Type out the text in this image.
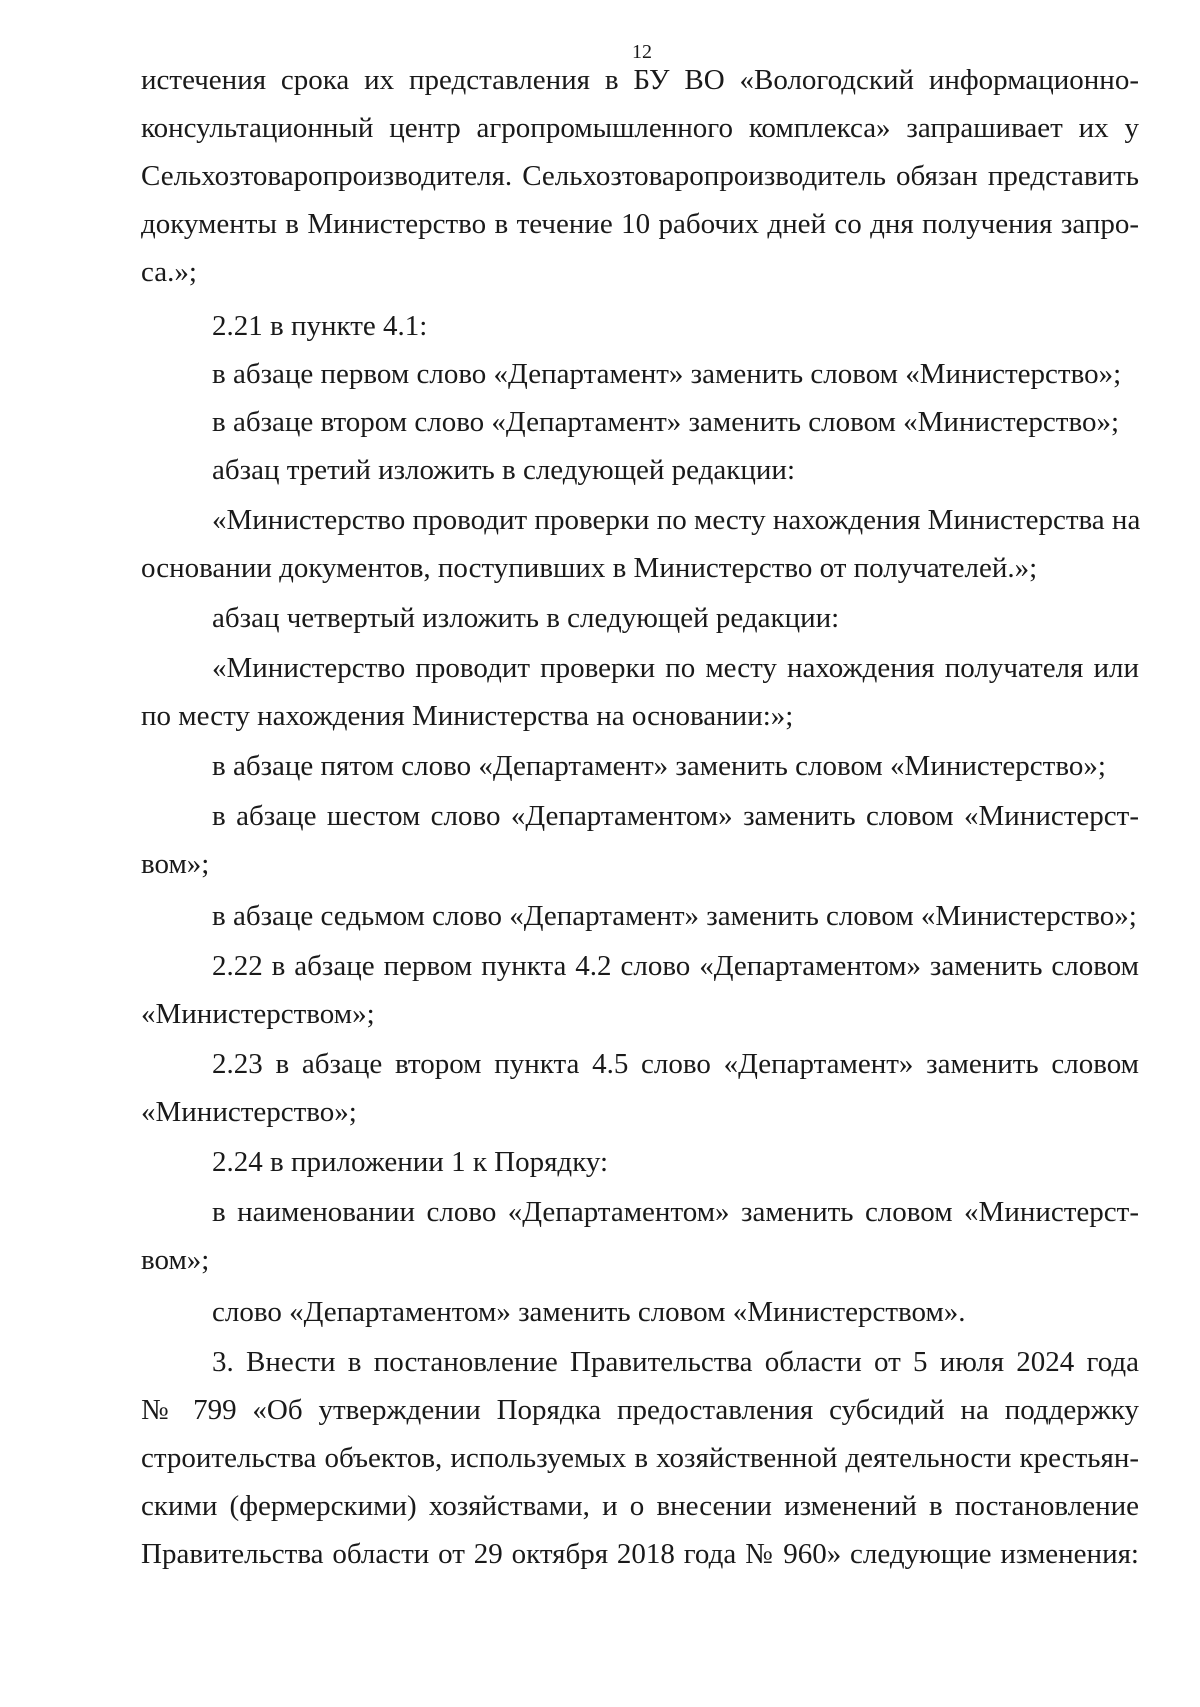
12
истечения срока их представления в БУ ВО «Вологодский информационно-
консультационный центр агропромышленного комплекса» запрашивает их у
Сельхозтоваропроизводителя. Сельхозтоваропроизводитель обязан представить
документы в Министерство в течение 10 рабочих дней со дня получения запро-
са.»;
2.21 в пункте 4.1:
в абзаце первом слово «Департамент» заменить словом «Министерство»;
в абзаце втором слово «Департамент» заменить словом «Министерство»;
абзац третий изложить в следующей редакции:
«Министерство проводит проверки по месту нахождения Министерства на
основании документов, поступивших в Министерство от получателей.»;
абзац четвертый изложить в следующей редакции:
«Министерство проводит проверки по месту нахождения получателя или
по месту нахождения Министерства на основании:»;
в абзаце пятом слово «Департамент» заменить словом «Министерство»;
в абзаце шестом слово «Департаментом» заменить словом «Министерст-
вом»;
в абзаце седьмом слово «Департамент» заменить словом «Министерство»;
2.22 в абзаце первом пункта 4.2 слово «Департаментом» заменить словом
«Министерством»;
2.23 в абзаце втором пункта 4.5 слово «Департамент» заменить словом
«Министерство»;
2.24 в приложении 1 к Порядку:
в наименовании слово «Департаментом» заменить словом «Министерст-
вом»;
слово «Департаментом» заменить словом «Министерством».
3. Внести в постановление Правительства области от 5 июля 2024 года
№ 799 «Об утверждении Порядка предоставления субсидий на поддержку
строительства объектов, используемых в хозяйственной деятельности крестьян-
скими (фермерскими) хозяйствами, и о внесении изменений в постановление
Правительства области от 29 октября 2018 года № 960» следующие изменения:
